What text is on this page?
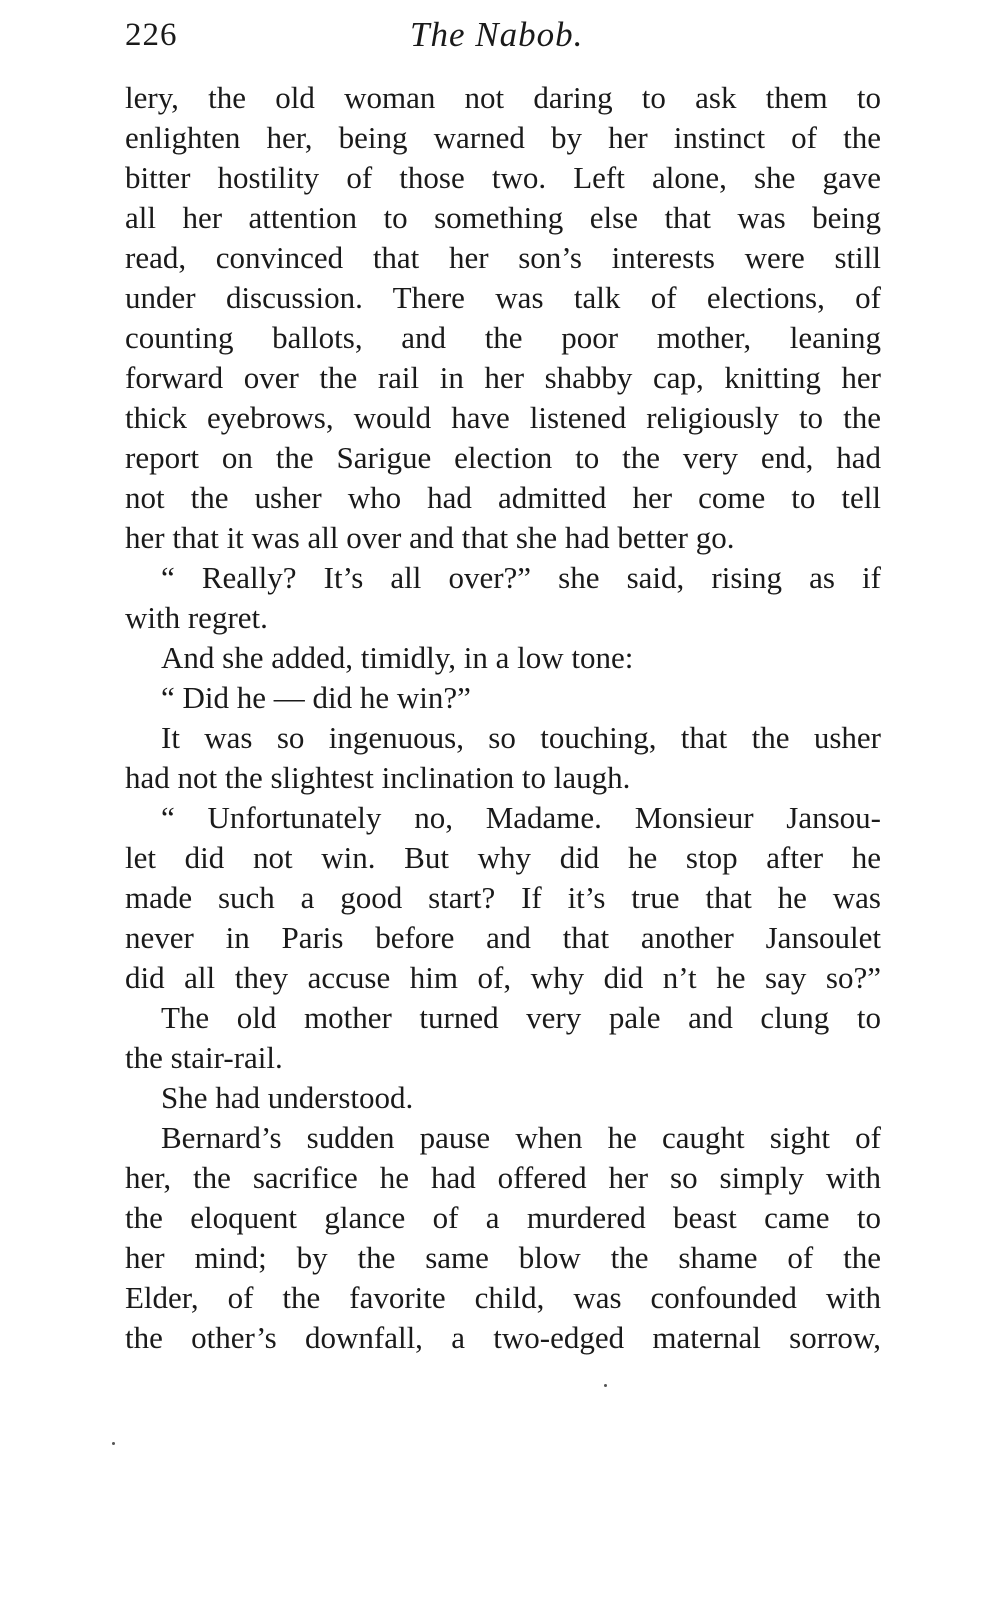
226	The Nabob.
lery, the old woman not daring to ask them to
enlighten her, being warned by her instinct of the
bitter hostility of those two. Left alone, she gave
all her attention to something else that was being
read, convinced that her son’s interests were still
under discussion. There was talk of elections, of
counting ballots, and the poor mother, leaning
forward over the rail in her shabby cap, knitting her
thick eyebrows, would have listened religiously to the
report on the Sarigue election to the very end, had
not the usher who had admitted her come to tell
her that it was all over and that she had better go.
“ Really? It’s all over?” she said, rising as if
with regret.
And she added, timidly, in a low tone:
“ Did he — did he win?”
It was so ingenuous, so touching, that the usher
had not the slightest inclination to laugh.
“ Unfortunately no, Madame. Monsieur Jansou-
let did not win. But why did he stop after he
made such a good start? If it’s true that he was
never in Paris before and that another Jansoulet
did all they accuse him of, why did n’t he say so?”
The old mother turned very pale and clung to
the stair-rail.
She had understood.
Bernard’s sudden pause when he caught sight of
her, the sacrifice he had offered her so simply with
the eloquent glance of a murdered beast came to
her mind; by the same blow the shame of the
Elder, of the favorite child, was confounded with
the other’s downfall, a two-edged maternal sorrow,
